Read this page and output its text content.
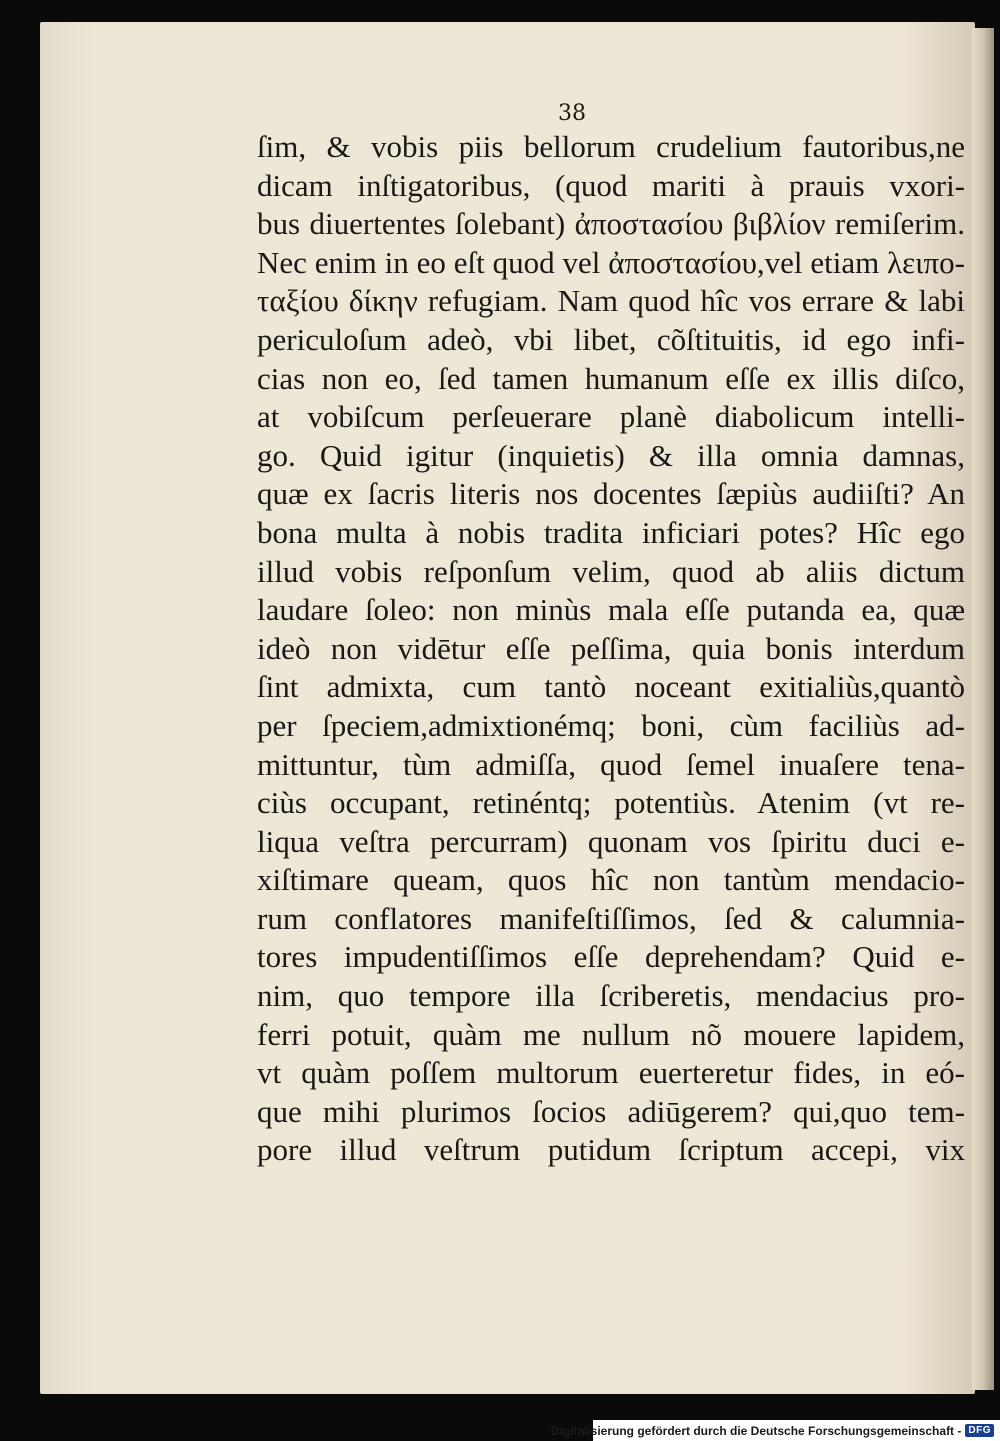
38
ſim, & vobis piis bellorum crudelium fautoribus,ne
dicam inſtigatoribus, (quod mariti à prauis vxori-
bus diuertentes ſolebant) ἀποστασίου βιβλίον remiſerim.
Nec enim in eo eſt quod vel ἀποστασίου,vel etiam λειπο-
ταξίου δίκην refugiam. Nam quod hîc vos errare & labi
periculoſum adeò, vbi libet, cõſtituitis, id ego infi-
cias non eo, ſed tamen humanum eſſe ex illis diſco,
at vobiſcum perſeuerare planè diabolicum intelli-
go. Quid igitur (inquietis) & illa omnia damnas,
quæ ex ſacris literis nos docentes ſæpiùs audiiſti? An
bona multa à nobis tradita inficiari potes? Hîc ego
illud vobis reſponſum velim, quod ab aliis dictum
laudare ſoleo: non minùs mala eſſe putanda ea, quæ
ideò non vidētur eſſe peſſima, quia bonis interdum
ſint admixta, cum tantò noceant exitialiùs,quantò
per ſpeciem,admixtionémq; boni, cùm faciliùs ad-
mittuntur, tùm admiſſa, quod ſemel inuaſere tena-
ciùs occupant, retinéntq; potentiùs. Atenim (vt re-
liqua veſtra percurram) quonam vos ſpiritu duci e-
xiſtimare queam, quos hîc non tantùm mendacio-
rum conflatores manifeſtiſſimos, ſed & calumnia-
tores impudentiſſimos eſſe deprehendam? Quid e-
nim, quo tempore illa ſcriberetis, mendacius pro-
ferri potuit, quàm me nullum nõ mouere lapidem,
vt quàm poſſem multorum euerteretur fides, in eó-
que mihi plurimos ſocios adiūgerem? qui,quo tem-
pore illud veſtrum putidum ſcriptum accepi, vix
Digitalisierung gefördert durch die Deutsche Forschungsgemeinschaft - DFG
